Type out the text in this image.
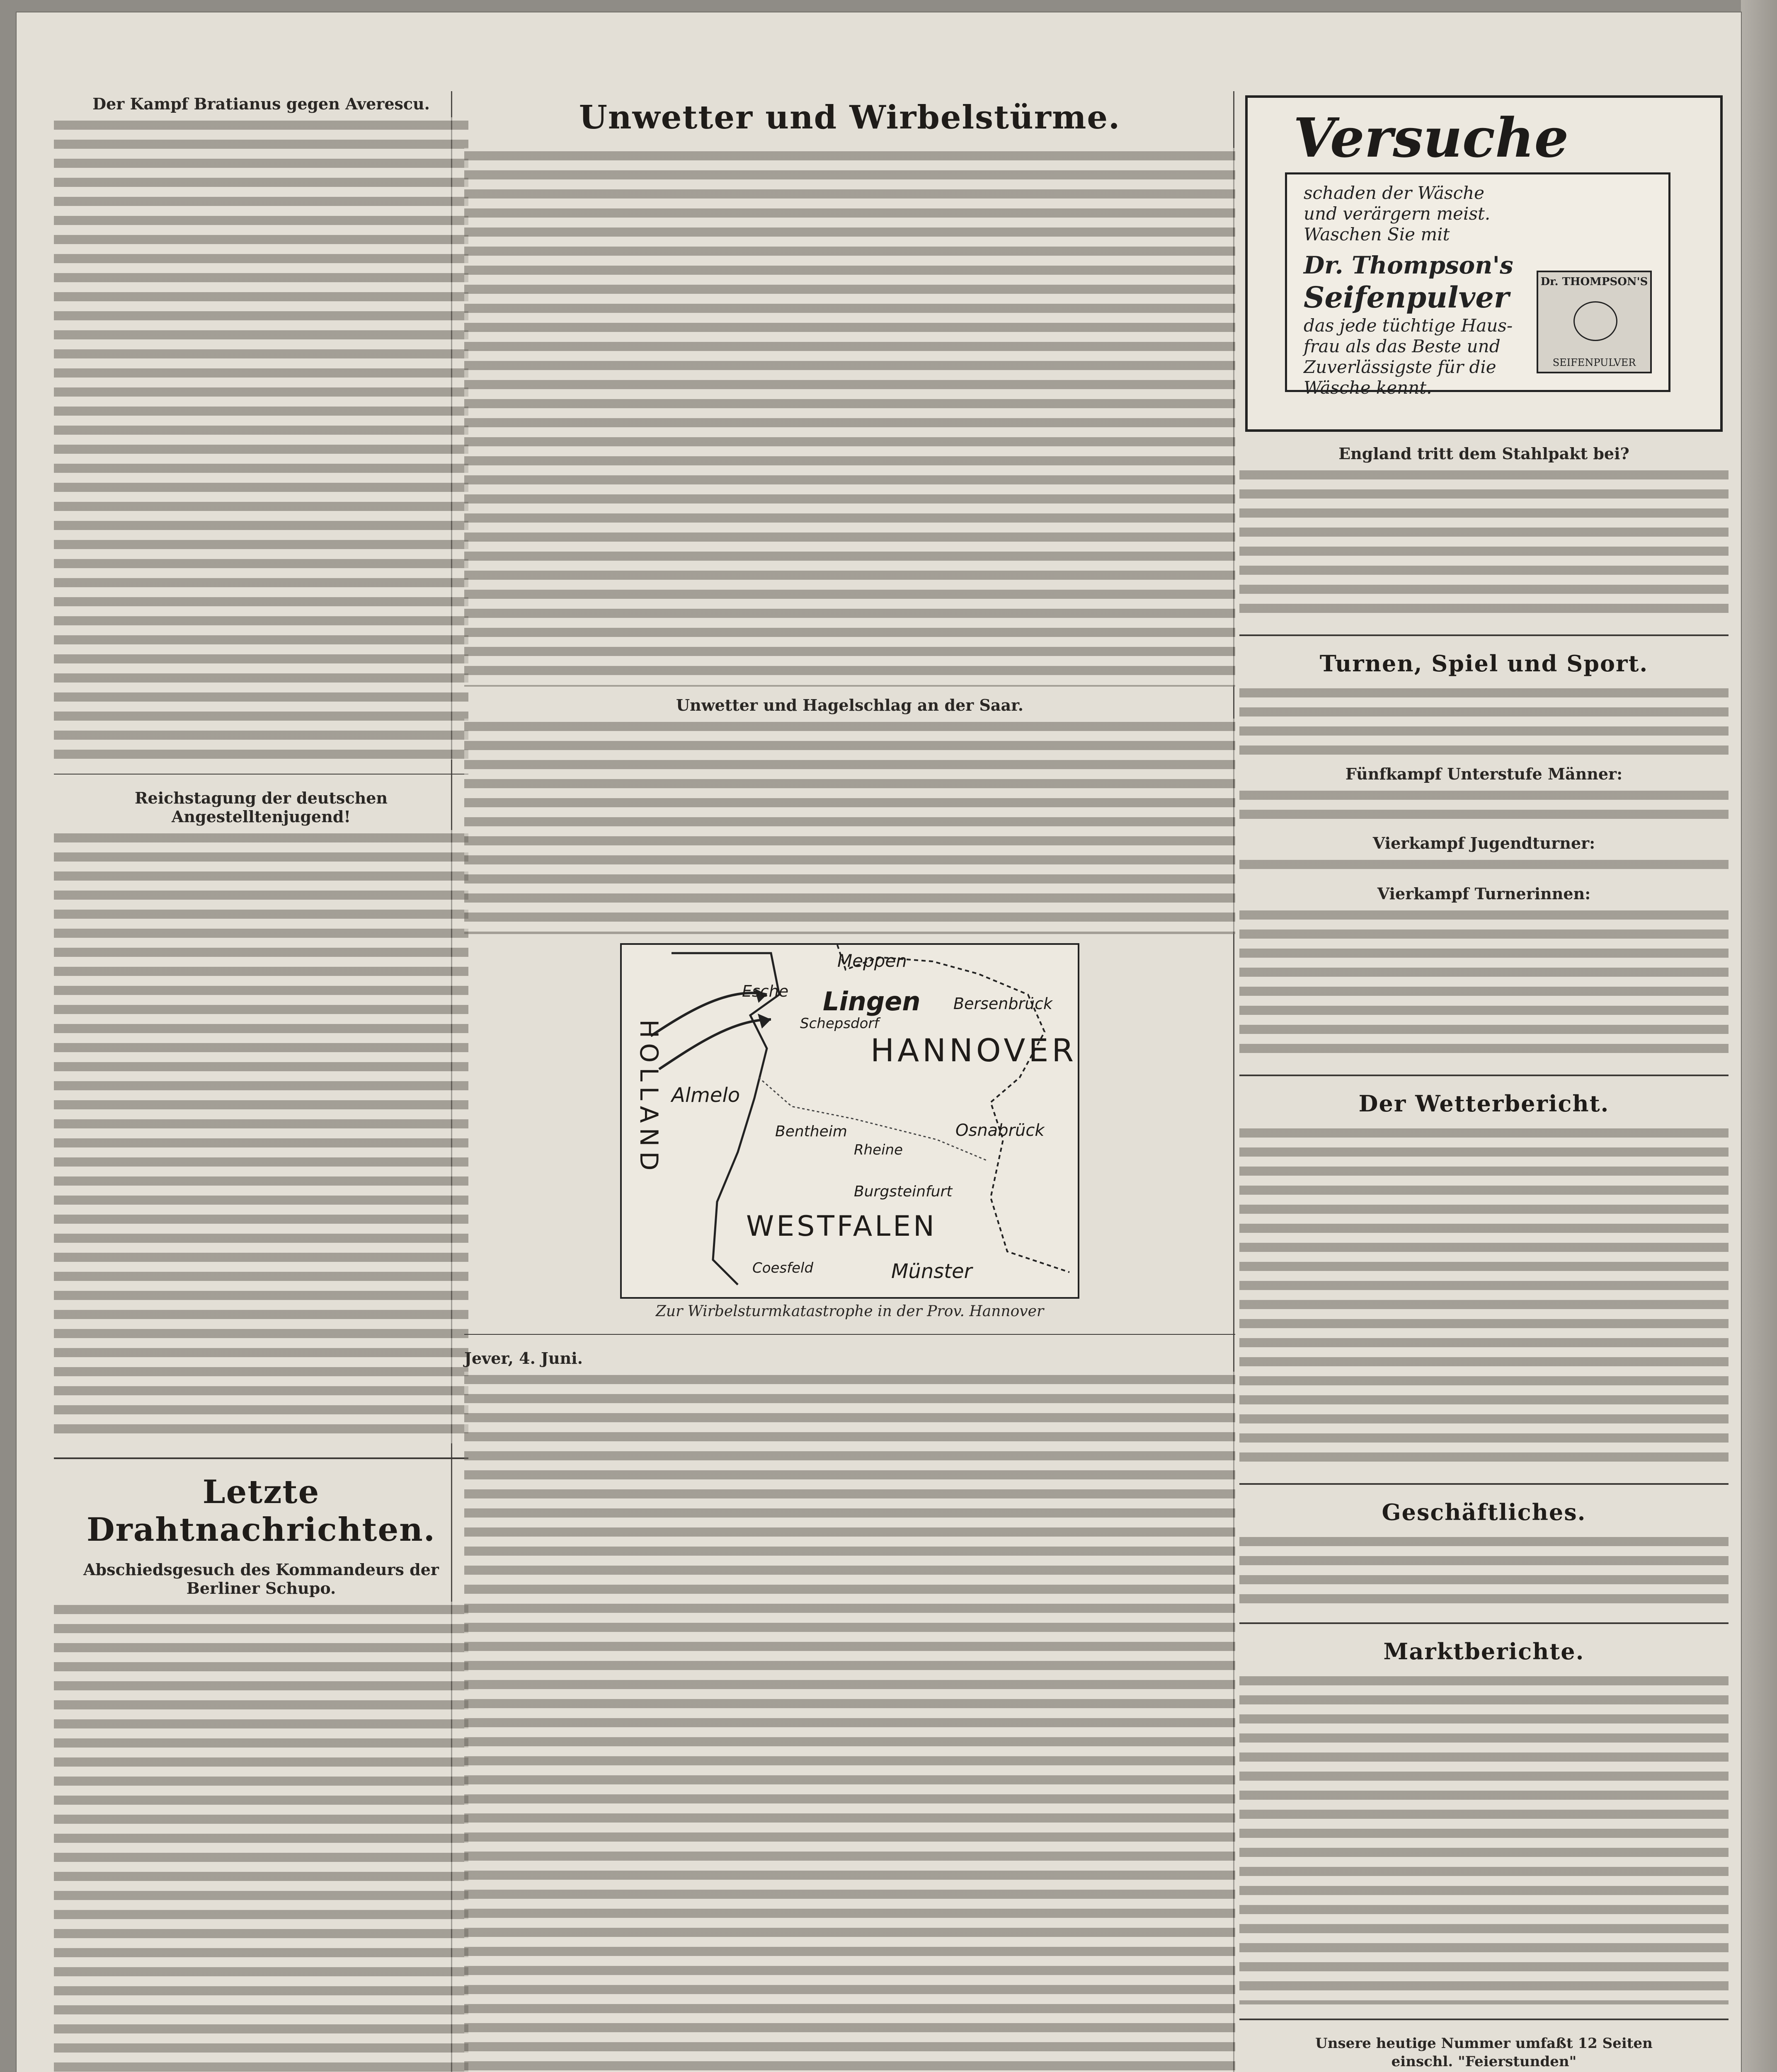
Der Kampf Bratianus gegen Averescu.
Reichstagung der deutschen Angestelltenjugend!
Letzte Drahtnachrichten.
Abschiedsgesuch des Kommandeurs der Berliner Schupo.
Unwetter und Wirbelstürme.
Unwetter und Hagelschlag an der Saar.
Meppen
Esche Lingen Bersenbrück
Schepsdorf
HANNOVER
HOLLAND Almelo
Bentheim	Osnabrück
Rheine
Burgsteinfurt
WESTFALEN
Coesfeld	Münster
Zur Wirbelsturmkatastrophe in der Prov. Hannover
Jever, 4. Juni.
Versuche
schaden der Wäsche
und verärgern meist.
Waschen Sie mit
Dr. Thompson's
Seifenpulver
das jede tüchtige Haus-
frau als das Beste und
Zuverlässigste für die
Wäsche kennt.
Dr. THOMPSON'S
SEIFENPULVER
England tritt dem Stahlpakt bei?
Turnen, Spiel und Sport.
Fünfkampf Unterstufe Männer:
Vierkampf Jugendturner:
Vierkampf Turnerinnen:
Der Wetterbericht.
Geschäftliches.
Marktberichte.
Unsere heutige Nummer umfaßt 12 Seiten
einschl. "Feierstunden"
